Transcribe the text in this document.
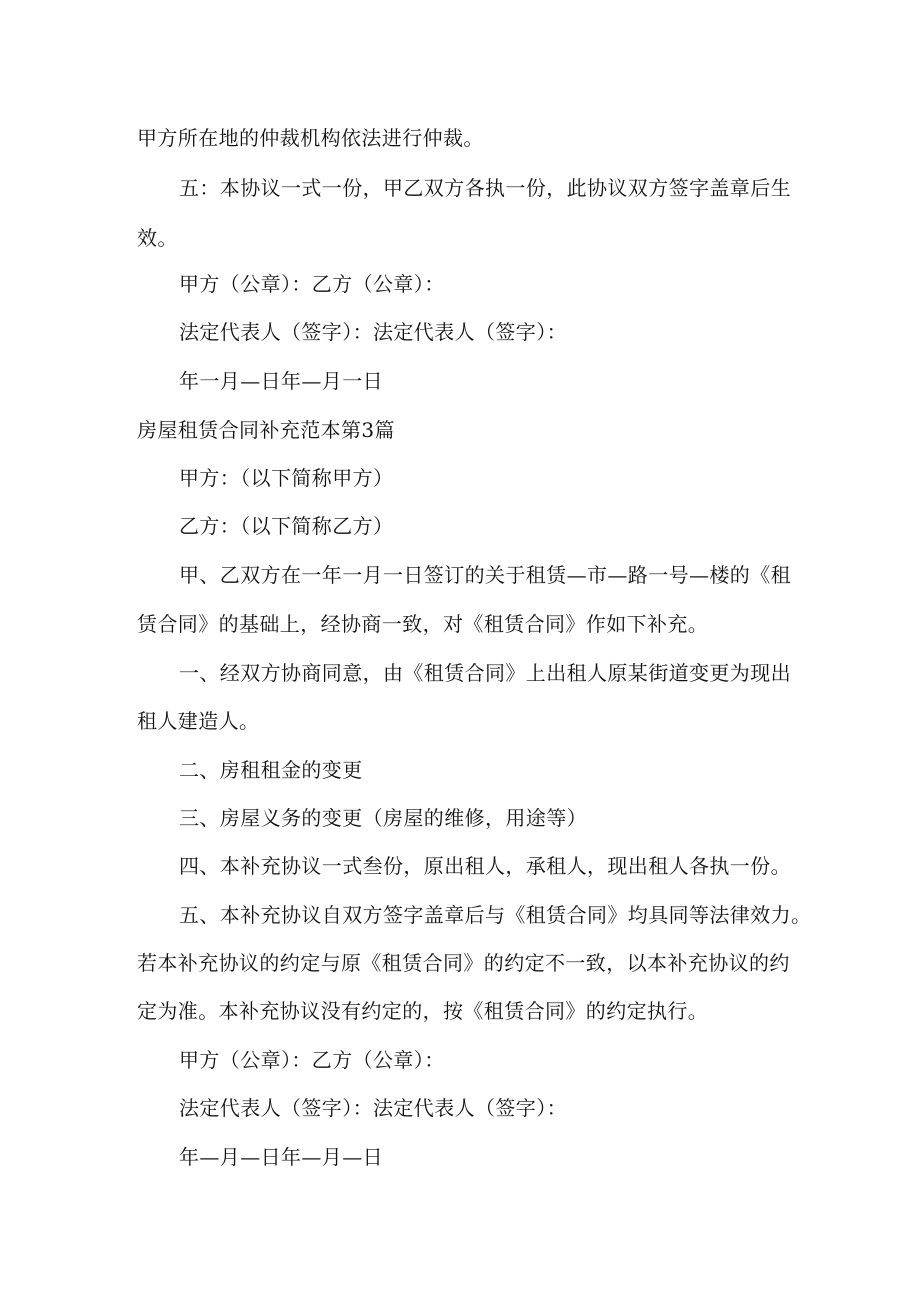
甲方所在地的仲裁机构依法进行仲裁。
五：本协议一式一份，甲乙双方各执一份，此协议双方签字盖章后生
效。
甲方（公章）：乙方（公章）：
法定代表人（签字）：法定代表人（签字）：
年一月—日年—月一日
房屋租赁合同补充范本第3篇
甲方：（以下简称甲方）
乙方：（以下简称乙方）
甲、乙双方在一年一月一日签订的关于租赁—市—路一号—楼的《租
赁合同》的基础上，经协商一致，对《租赁合同》作如下补充。
一、经双方协商同意，由《租赁合同》上出租人原某街道变更为现出
租人建造人。
二、房租租金的变更
三、房屋义务的变更（房屋的维修，用途等）
四、本补充协议一式叁份，原出租人，承租人，现出租人各执一份。
五、本补充协议自双方签字盖章后与《租赁合同》均具同等法律效力。
若本补充协议的约定与原《租赁合同》的约定不一致，以本补充协议的约
定为准。本补充协议没有约定的，按《租赁合同》的约定执行。
甲方（公章）：乙方（公章）：
法定代表人（签字）：法定代表人（签字）：
年—月—日年—月—日
